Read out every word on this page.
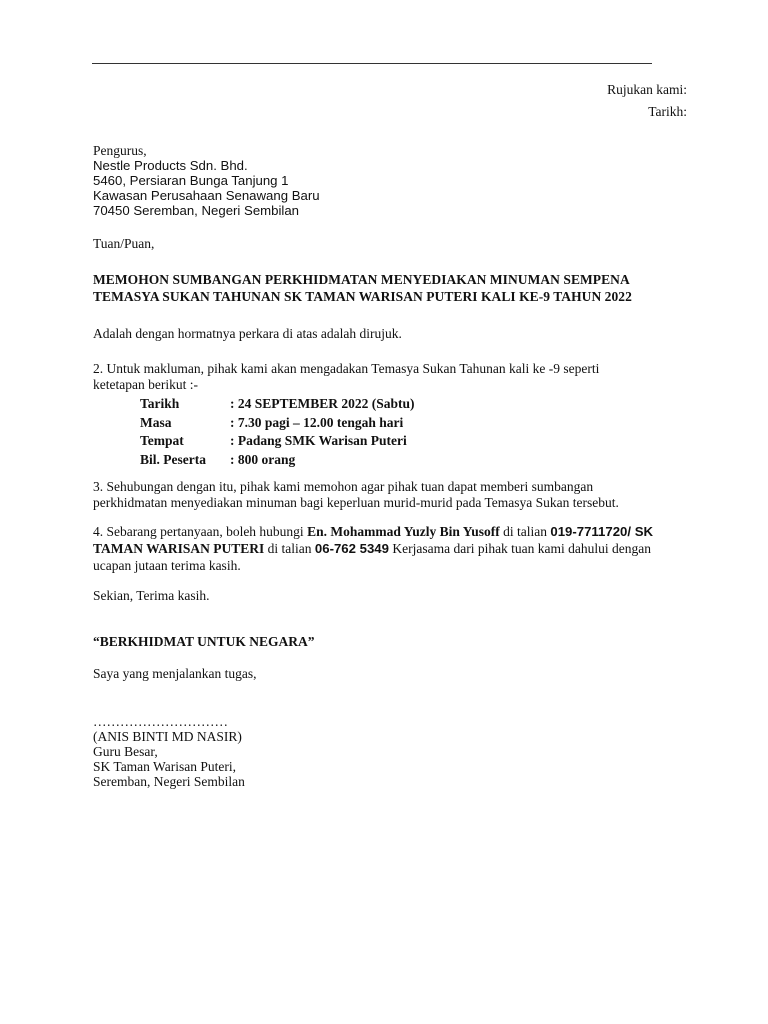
Rujukan kami:
Tarikh:
Pengurus,
Nestle Products Sdn. Bhd.
5460, Persiaran Bunga Tanjung 1
Kawasan Perusahaan Senawang Baru
70450 Seremban, Negeri Sembilan
Tuan/Puan,
MEMOHON SUMBANGAN PERKHIDMATAN MENYEDIAKAN MINUMAN SEMPENA
TEMASYA SUKAN TAHUNAN SK TAMAN WARISAN PUTERI KALI KE-9 TAHUN 2022
Adalah dengan hormatnya perkara di atas adalah dirujuk.
2. Untuk makluman, pihak kami akan mengadakan Temasya Sukan Tahunan kali ke -9 seperti
ketetapan berikut :-
Tarikh	: 24 SEPTEMBER 2022 (Sabtu)
Masa	: 7.30 pagi – 12.00 tengah hari
Tempat	: Padang SMK Warisan Puteri
Bil. Peserta	: 800 orang
3. Sehubungan dengan itu, pihak kami memohon agar pihak tuan dapat memberi sumbangan
perkhidmatan menyediakan minuman bagi keperluan murid-murid pada Temasya Sukan tersebut.
4. Sebarang pertanyaan, boleh hubungi En. Mohammad Yuzly Bin Yusoff di talian 019-7711720/ SK
TAMAN WARISAN PUTERI di talian 06-762 5349 Kerjasama dari pihak tuan kami dahului dengan
ucapan jutaan terima kasih.
Sekian, Terima kasih.
“BERKHIDMAT UNTUK NEGARA”
Saya yang menjalankan tugas,
…………………………
(ANIS BINTI MD NASIR)
Guru Besar,
SK Taman Warisan Puteri,
Seremban, Negeri Sembilan
